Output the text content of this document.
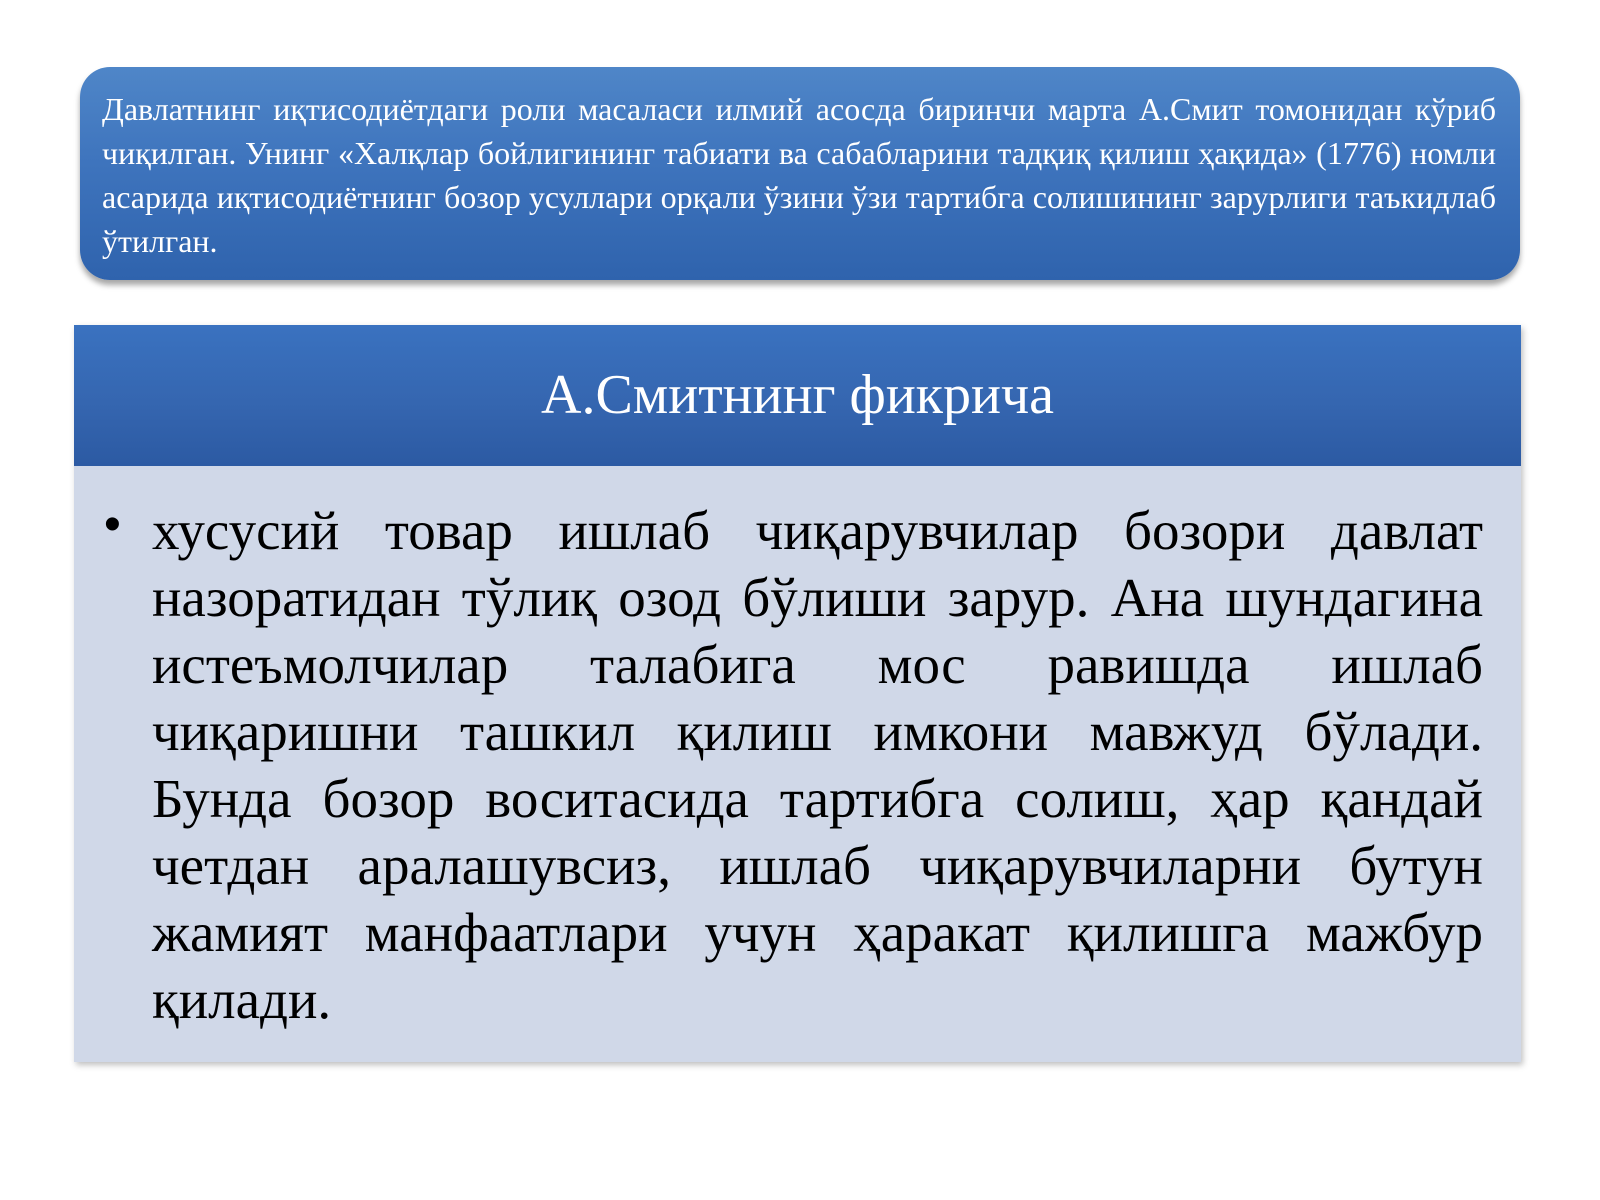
Давлатнинг иқтисодиётдаги роли масаласи илмий асосда биринчи марта А.Смит томонидан кўриб чиқилган. Унинг «Халқлар бойлигининг табиати ва сабабларини тадқиқ қилиш ҳақида» (1776) номли асарида иқтисодиётнинг бозор усуллари орқали ўзини ўзи тартибга солишининг зарурлиги таъкидлаб ўтилган.

А.Смитнинг фикрича
• хусусий товар ишлаб чиқарувчилар бозори давлат назоратидан тўлиқ озод бўлиши зарур. Ана шундагина истеъмолчилар талабига мос равишда ишлаб чиқаришни ташкил қилиш имкони мавжуд бўлади. Бунда бозор воситасида тартибга солиш, ҳар қандай четдан аралашувсиз, ишлаб чиқарувчиларни бутун жамият манфаатлари учун ҳаракат қилишга мажбур қилади.
